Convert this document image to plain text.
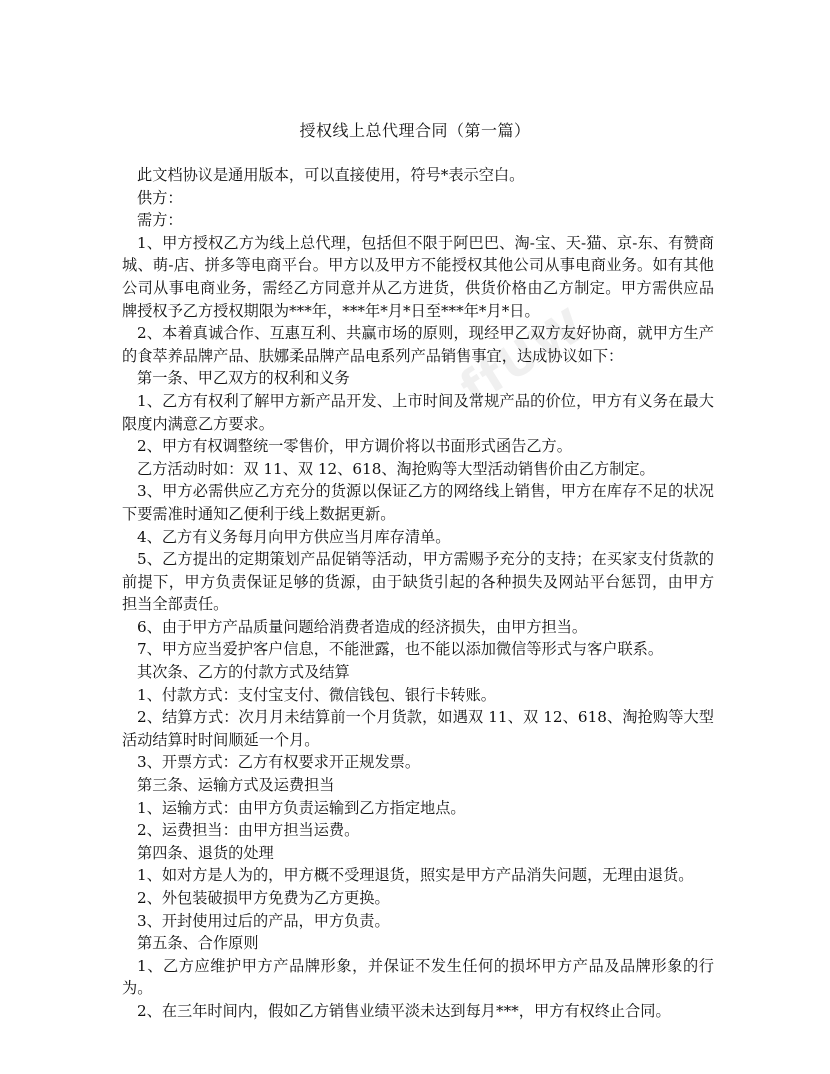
ffUW
授权线上总代理合同（第一篇）

此文档协议是通用版本，可以直接使用，符号*表示空白。

供方：

需方：

1、甲方授权乙方为线上总代理，包括但不限于阿巴巴、淘-宝、天-猫、京-东、有赞商城、萌-店、拼多等电商平台。甲方以及甲方不能授权其他公司从事电商业务。如有其他公司从事电商业务，需经乙方同意并从乙方进货，供货价格由乙方制定。甲方需供应品牌授权予乙方授权期限为***年，***年*月*日至***年*月*日。

2、本着真诚合作、互惠互利、共赢市场的原则，现经甲乙双方友好协商，就甲方生产的食萃养品牌产品、肤娜柔品牌产品电系列产品销售事宜，达成协议如下：

第一条、甲乙双方的权利和义务

1、乙方有权利了解甲方新产品开发、上市时间及常规产品的价位，甲方有义务在最大限度内满意乙方要求。

2、甲方有权调整统一零售价，甲方调价将以书面形式函告乙方。

乙方活动时如：双 11、双 12、618、淘抢购等大型活动销售价由乙方制定。

3、甲方必需供应乙方充分的货源以保证乙方的网络线上销售，甲方在库存不足的状况下要需准时通知乙便利于线上数据更新。

4、乙方有义务每月向甲方供应当月库存清单。

5、乙方提出的定期策划产品促销等活动，甲方需赐予充分的支持；在买家支付货款的前提下，甲方负责保证足够的货源，由于缺货引起的各种损失及网站平台惩罚，由甲方担当全部责任。

6、由于甲方产品质量问题给消费者造成的经济损失，由甲方担当。

7、甲方应当爱护客户信息，不能泄露，也不能以添加微信等形式与客户联系。

其次条、乙方的付款方式及结算

1、付款方式：支付宝支付、微信钱包、银行卡转账。

2、结算方式：次月月未结算前一个月货款，如遇双 11、双 12、618、淘抢购等大型活动结算时时间顺延一个月。

3、开票方式：乙方有权要求开正规发票。

第三条、运输方式及运费担当

1、运输方式：由甲方负责运输到乙方指定地点。

2、运费担当：由甲方担当运费。

第四条、退货的处理

1、如对方是人为的，甲方概不受理退货，照实是甲方产品消失问题，无理由退货。

2、外包装破损甲方免费为乙方更换。

3、开封使用过后的产品，甲方负责。

第五条、合作原则

1、乙方应维护甲方产品牌形象，并保证不发生任何的损坏甲方产品及品牌形象的行为。

2、在三年时间内，假如乙方销售业绩平淡未达到每月***，甲方有权终止合同。
